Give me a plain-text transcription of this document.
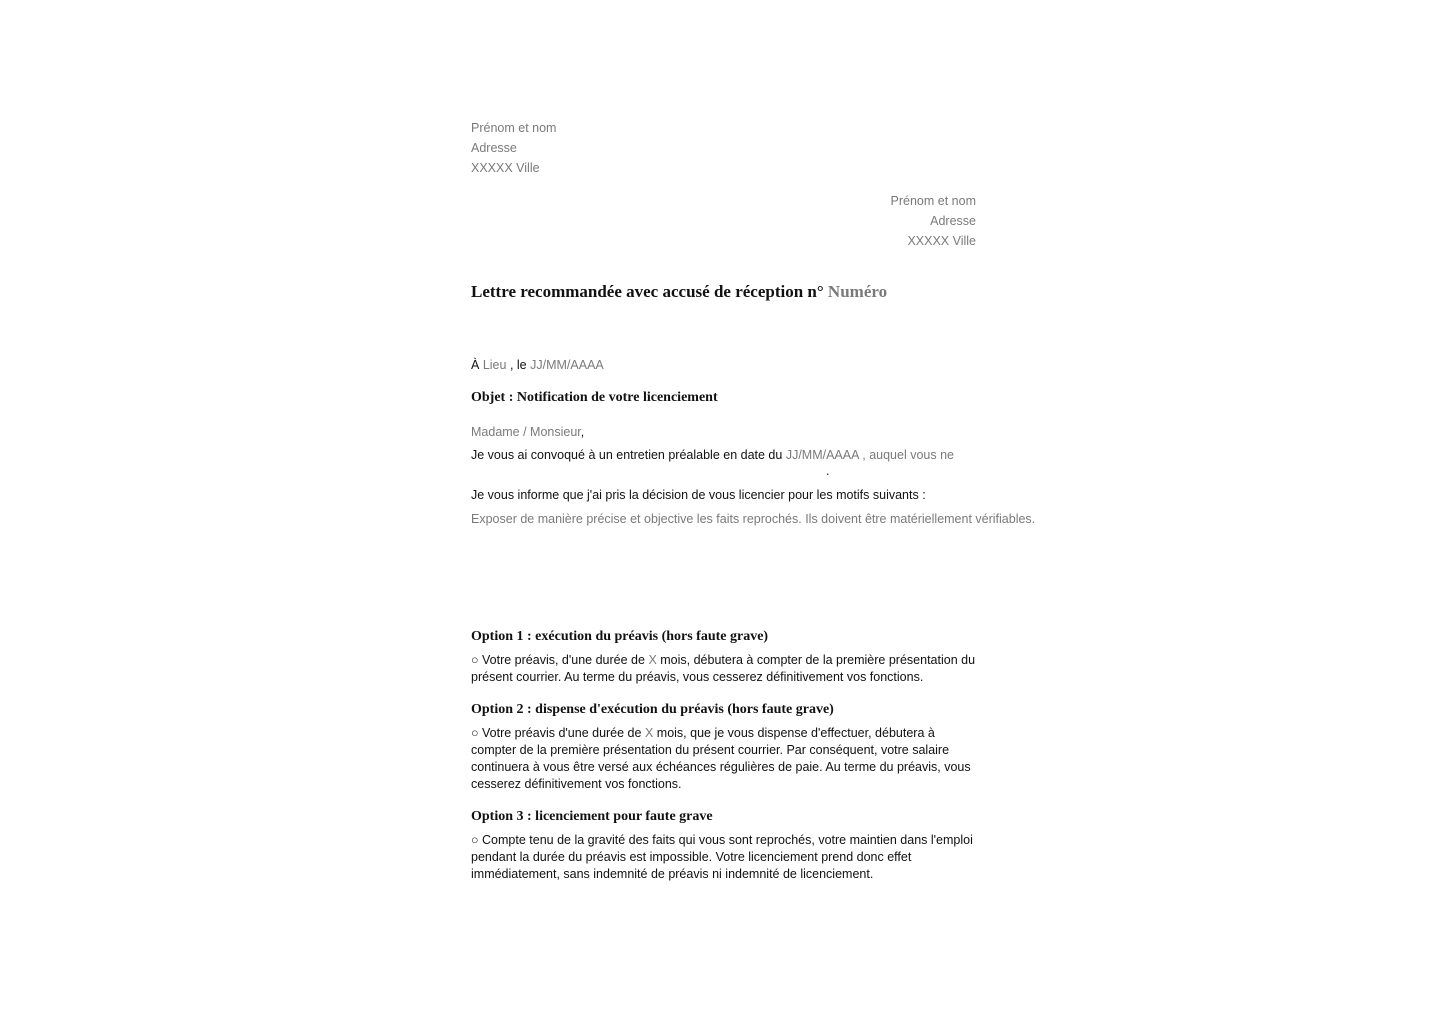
Prénom et nom
Adresse
XXXXX Ville
Prénom et nom
Adresse
XXXXX Ville
Lettre recommandée avec accusé de réception n° Numéro
À Lieu , le JJ/MM/AAAA
Objet : Notification de votre licenciement
Madame / Monsieur,
Je vous ai convoqué à un entretien préalable en date du JJ/MM/AAAA , auquel vous ne
.
Je vous informe que j'ai pris la décision de vous licencier pour les motifs suivants :
Exposer de manière précise et objective les faits reprochés. Ils doivent être matériellement vérifiables.
Option 1 : exécution du préavis (hors faute grave)
○ Votre préavis, d'une durée de X mois, débutera à compter de la première présentation du
présent courrier. Au terme du préavis, vous cesserez définitivement vos fonctions.
Option 2 : dispense d'exécution du préavis (hors faute grave)
○ Votre préavis d'une durée de X mois, que je vous dispense d'effectuer, débutera à
compter de la première présentation du présent courrier. Par conséquent, votre salaire
continuera à vous être versé aux échéances régulières de paie. Au terme du préavis, vous
cesserez définitivement vos fonctions.
Option 3 : licenciement pour faute grave
○ Compte tenu de la gravité des faits qui vous sont reprochés, votre maintien dans l'emploi
pendant la durée du préavis est impossible. Votre licenciement prend donc effet
immédiatement, sans indemnité de préavis ni indemnité de licenciement.
